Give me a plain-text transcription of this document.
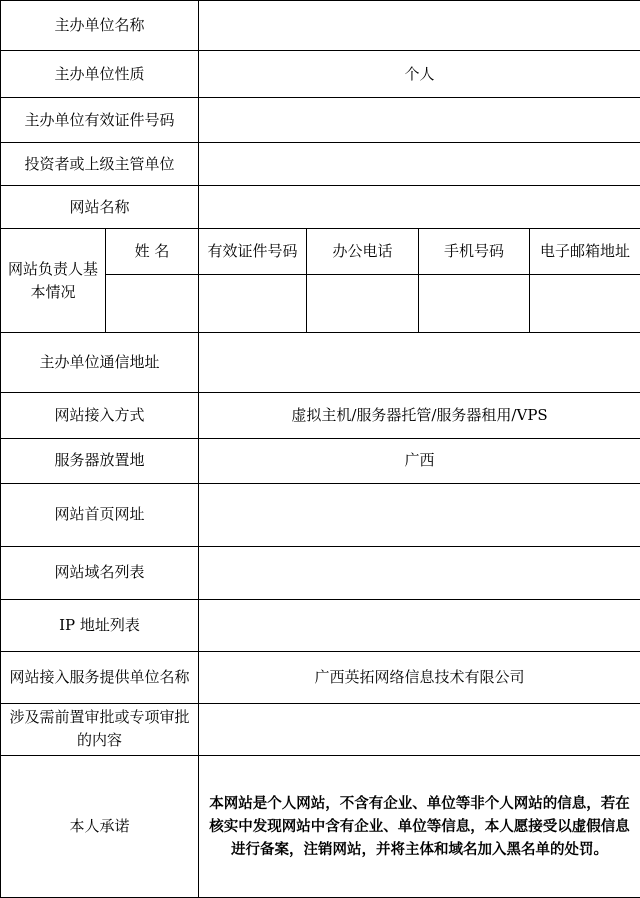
主办单位名称					
主办单位性质		个人			
主办单位有效证件号码					
投资者或上级主管单位					
网站名称					
网站负责人基本情况	姓 名	有效证件号码	办公电话	手机号码	电子邮箱地址

主办单位通信地址					
网站接入方式		虚拟主机/服务器托管/服务器租用/VPS			
服务器放置地		广西			
网站首页网址					
网站域名列表					
IP 地址列表					
网站接入服务提供单位名称		广西英拓网络信息技术有限公司			
涉及需前置审批或专项审批的内容					
本人承诺		本网站是个人网站，不含有企业、单位等非个人网站的信息，若在核实中发现网站中含有企业、单位等信息，本人愿接受以虚假信息进行备案，注销网站，并将主体和域名加入黑名单的处罚。			
